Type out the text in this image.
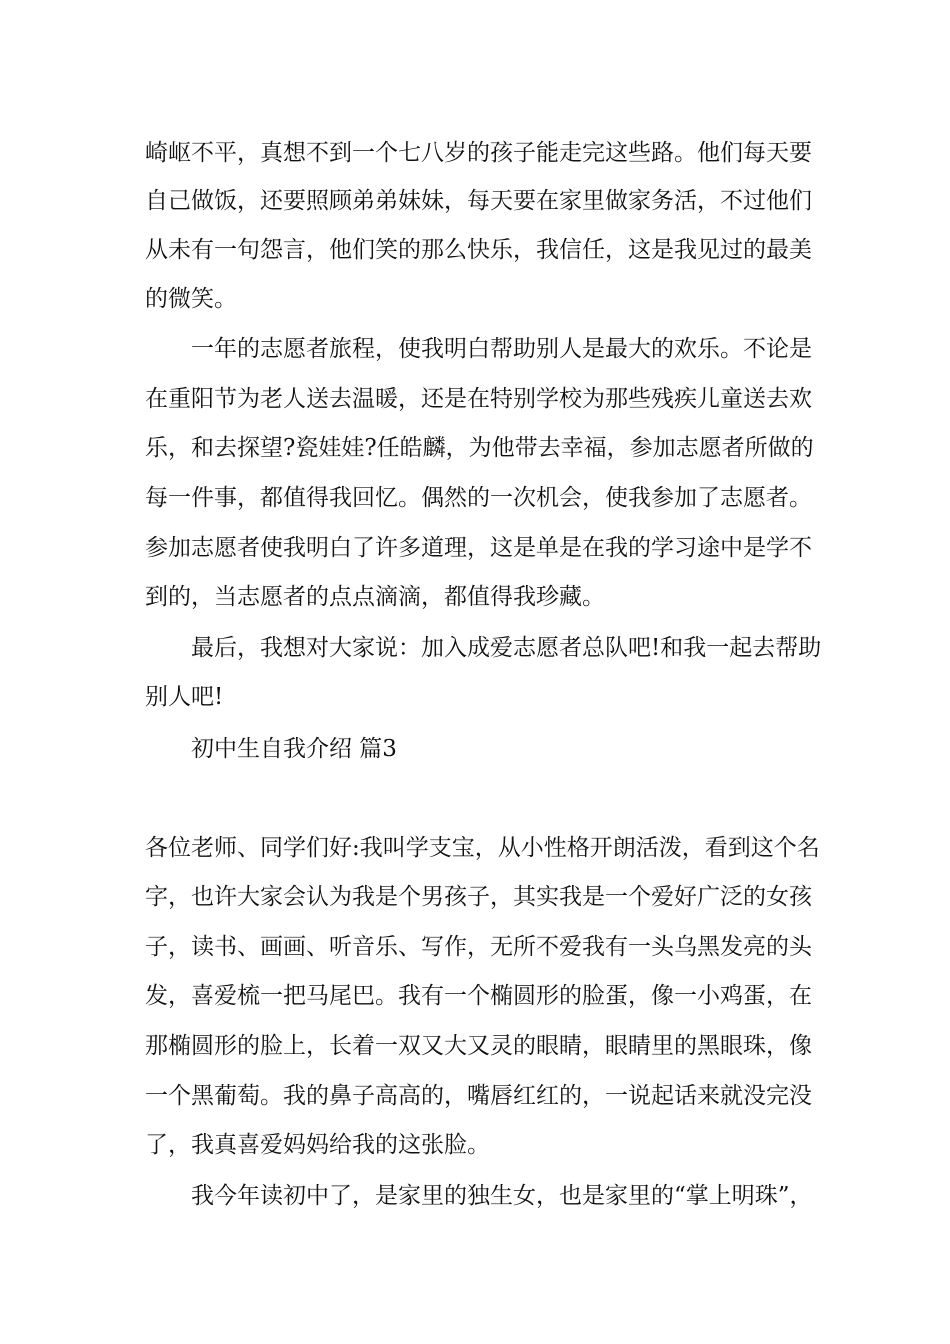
崎岖不平，真想不到一个七八岁的孩子能走完这些路。他们每天要
自己做饭，还要照顾弟弟妹妹，每天要在家里做家务活，不过他们
从未有一句怨言，他们笑的那么快乐，我信任，这是我见过的最美
的微笑。
一年的志愿者旅程，使我明白帮助别人是最大的欢乐。不论是
在重阳节为老人送去温暖，还是在特别学校为那些残疾儿童送去欢
乐，和去探望?瓷娃娃?任皓麟，为他带去幸福，参加志愿者所做的
每一件事，都值得我回忆。偶然的一次机会，使我参加了志愿者。
参加志愿者使我明白了许多道理，这是单是在我的学习途中是学不
到的，当志愿者的点点滴滴，都值得我珍藏。
最后，我想对大家说：加入成爱志愿者总队吧!和我一起去帮助
别人吧!
初中生自我介绍 篇3
各位老师、同学们好:我叫学支宝，从小性格开朗活泼，看到这个名
字，也许大家会认为我是个男孩子，其实我是一个爱好广泛的女孩
子，读书、画画、听音乐、写作，无所不爱我有一头乌黑发亮的头
发，喜爱梳一把马尾巴。我有一个椭圆形的脸蛋，像一小鸡蛋，在
那椭圆形的脸上，长着一双又大又灵的眼睛，眼睛里的黑眼珠，像
一个黑葡萄。我的鼻子高高的，嘴唇红红的，一说起话来就没完没
了，我真喜爱妈妈给我的这张脸。
我今年读初中了，是家里的独生女，也是家里的“掌上明珠”，
